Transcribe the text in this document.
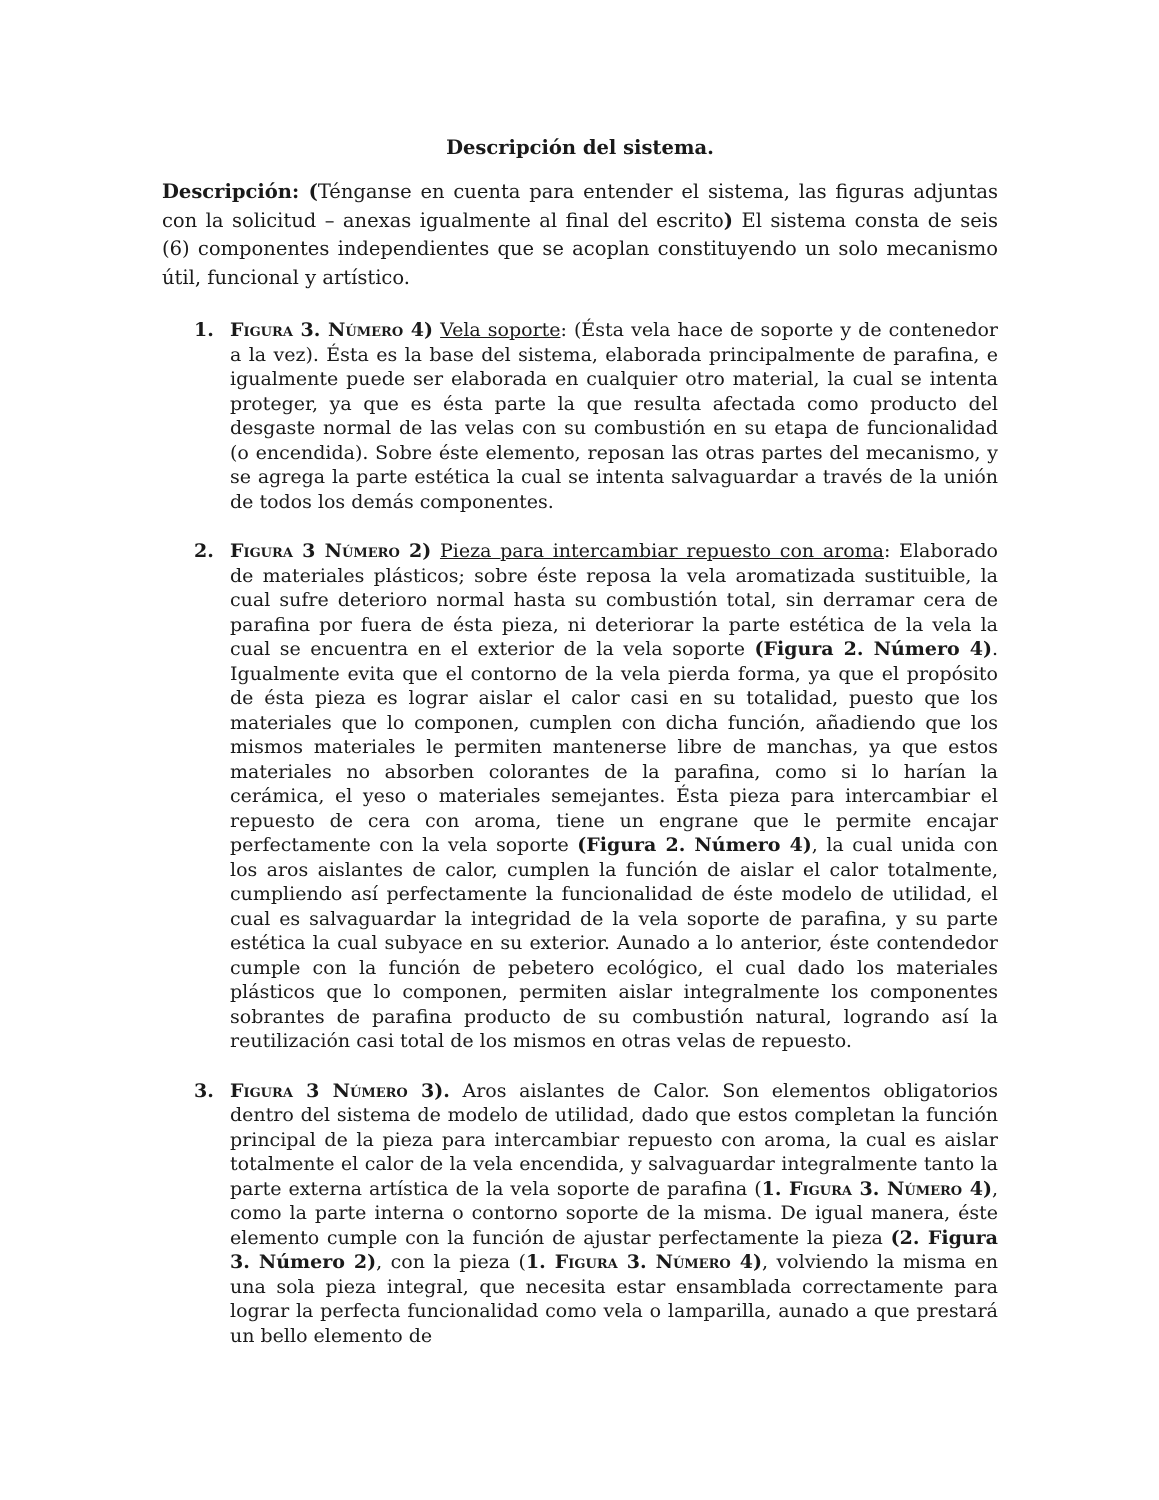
Descripción del sistema.

Descripción: (Ténganse en cuenta para entender el sistema, las figuras adjuntas con la solicitud – anexas igualmente al final del escrito) El sistema consta de seis (6) componentes independientes que se acoplan constituyendo un solo mecanismo útil, funcional y artístico.

1. Figura 3. Número 4) Vela soporte: (Ésta vela hace de soporte y de contenedor a la vez). Ésta es la base del sistema, elaborada principalmente de parafina, e igualmente puede ser elaborada en cualquier otro material, la cual se intenta proteger, ya que es ésta parte la que resulta afectada como producto del desgaste normal de las velas con su combustión en su etapa de funcionalidad (o encendida). Sobre éste elemento, reposan las otras partes del mecanismo, y se agrega la parte estética la cual se intenta salvaguardar a través de la unión de todos los demás componentes.
2. Figura 3 Número 2) Pieza para intercambiar repuesto con aroma: Elaborado de materiales plásticos; sobre éste reposa la vela aromatizada sustituible, la cual sufre deterioro normal hasta su combustión total, sin derramar cera de parafina por fuera de ésta pieza, ni deteriorar la parte estética de la vela la cual se encuentra en el exterior de la vela soporte (Figura 2. Número 4). Igualmente evita que el contorno de la vela pierda forma, ya que el propósito de ésta pieza es lograr aislar el calor casi en su totalidad, puesto que los materiales que lo componen, cumplen con dicha función, añadiendo que los mismos materiales le permiten mantenerse libre de manchas, ya que estos materiales no absorben colorantes de la parafina, como si lo harían la cerámica, el yeso o materiales semejantes. Ésta pieza para intercambiar el repuesto de cera con aroma, tiene un engrane que le permite encajar perfectamente con la vela soporte (Figura 2. Número 4), la cual unida con los aros aislantes de calor, cumplen la función de aislar el calor totalmente, cumpliendo así perfectamente la funcionalidad de éste modelo de utilidad, el cual es salvaguardar la integridad de la vela soporte de parafina, y su parte estética la cual subyace en su exterior. Aunado a lo anterior, éste contendedor cumple con la función de pebetero ecológico, el cual dado los materiales plásticos que lo componen, permiten aislar integralmente los componentes sobrantes de parafina producto de su combustión natural, logrando así la reutilización casi total de los mismos en otras velas de repuesto.
3. Figura 3 Número 3). Aros aislantes de Calor. Son elementos obligatorios dentro del sistema de modelo de utilidad, dado que estos completan la función principal de la pieza para intercambiar repuesto con aroma, la cual es aislar totalmente el calor de la vela encendida, y salvaguardar integralmente tanto la parte externa artística de la vela soporte de parafina (1. Figura 3. Número 4), como la parte interna o contorno soporte de la misma. De igual manera, éste elemento cumple con la función de ajustar perfectamente la pieza (2. Figura 3. Número 2), con la pieza (1. Figura 3. Número 4), volviendo la misma en una sola pieza integral, que necesita estar ensamblada correctamente para lograr la perfecta funcionalidad como vela o lamparilla, aunado a que prestará un bello elemento de
